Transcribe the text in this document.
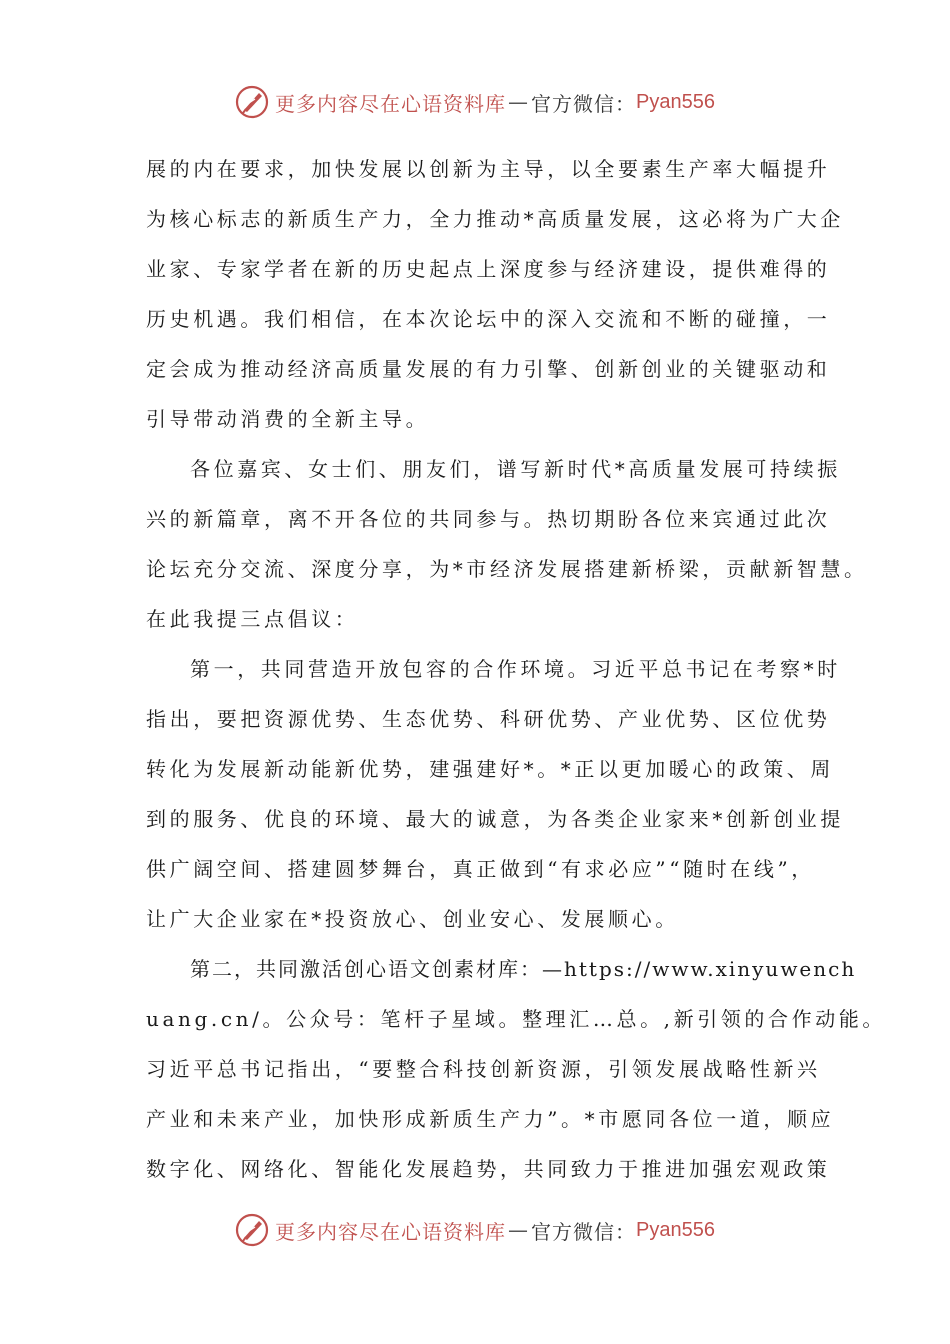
更多内容尽在心语资料库 — 官方微信： Pyan556
展的内在要求，加快发展以创新为主导，以全要素生产率大幅提升
为核心标志的新质生产力，全力推动*高质量发展，这必将为广大企
业家、专家学者在新的历史起点上深度参与经济建设，提供难得的
历史机遇。我们相信，在本次论坛中的深入交流和不断的碰撞，一
定会成为推动经济高质量发展的有力引擎、创新创业的关键驱动和
引导带动消费的全新主导。
各位嘉宾、女士们、朋友们，谱写新时代*高质量发展可持续振
兴的新篇章，离不开各位的共同参与。热切期盼各位来宾通过此次
论坛充分交流、深度分享，为*市经济发展搭建新桥梁，贡献新智慧。
在此我提三点倡议：
第一，共同营造开放包容的合作环境。习近平总书记在考察*时
指出，要把资源优势、生态优势、科研优势、产业优势、区位优势
转化为发展新动能新优势，建强建好*。*正以更加暖心的政策、周
到的服务、优良的环境、最大的诚意，为各类企业家来*创新创业提
供广阔空间、搭建圆梦舞台，真正做到“有求必应”“随时在线”，
让广大企业家在*投资放心、创业安心、发展顺心。
第二，共同激活创心语文创素材库：—https://www.xinyuwench
uang.cn/。公众号：笔杆子星域。整理汇…总。,新引领的合作动能。
习近平总书记指出，“要整合科技创新资源，引领发展战略性新兴
产业和未来产业，加快形成新质生产力”。*市愿同各位一道，顺应
数字化、网络化、智能化发展趋势，共同致力于推进加强宏观政策
更多内容尽在心语资料库 — 官方微信： Pyan556
